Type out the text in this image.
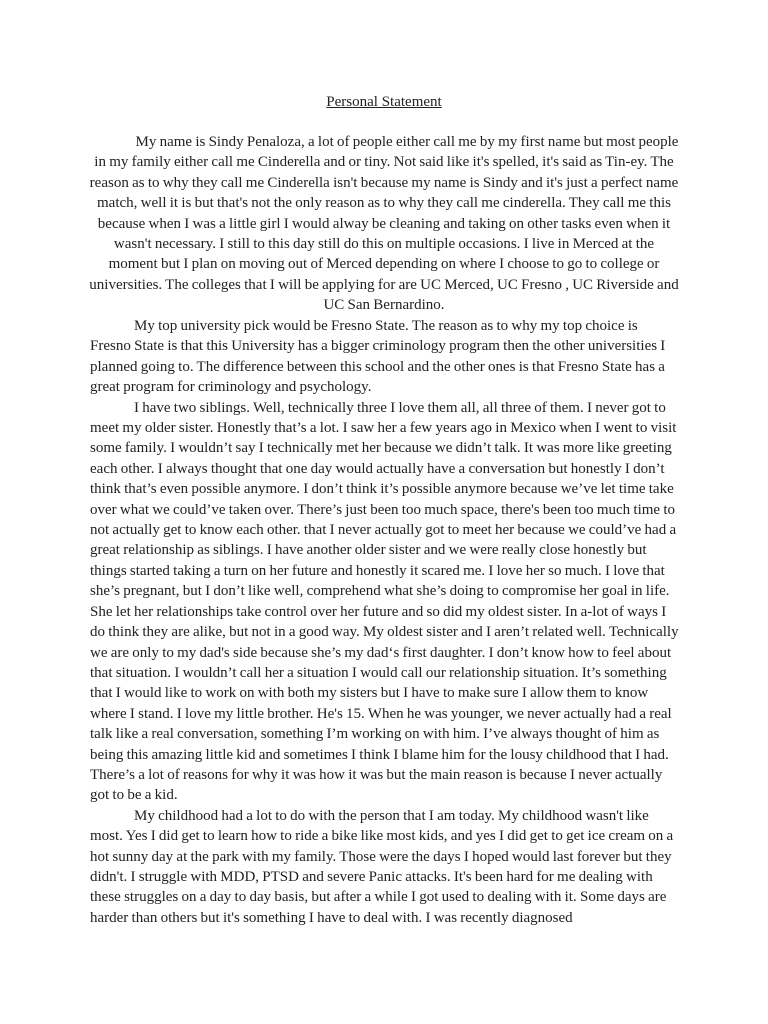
Personal Statement
My name is Sindy Penaloza, a lot of people either call me by my first name but most people in my family either call me Cinderella and or tiny. Not said like it's spelled, it's said as Tin-ey. The reason as to why they call me Cinderella isn't because my name is Sindy and it's just a perfect name match, well it is but that's not the only reason as to why they call me cinderella. They call me this because when I was a little girl I would alway be cleaning and taking on other tasks even when it wasn't necessary. I still to this day still do this on multiple occasions. I live in Merced at the moment but I plan on moving out of Merced depending on where I choose to go to college or universities. The colleges that I will be applying for are UC Merced, UC Fresno , UC Riverside and UC San Bernardino.

My top university pick would be Fresno State. The reason as to why my top choice is Fresno State is that this University has a bigger criminology program then the other universities I planned going to. The difference between this school and the other ones is that Fresno State has a great program for criminology and psychology.

I have two siblings. Well, technically three I love them all, all three of them. I never got to meet my older sister. Honestly that’s a lot. I saw her a few years ago in Mexico when I went to visit some family. I wouldn’t say I technically met her because we didn’t talk. It was more like greeting each other. I always thought that one day would actually have a conversation but honestly I don’t think that’s even possible anymore. I don’t think it’s possible anymore because we’ve let time take over what we could’ve taken over. There’s just been too much space, there's been too much time to not actually get to know each other. that I never actually got to meet her because we could’ve had a great relationship as siblings. I have another older sister and we were really close honestly but things started taking a turn on her future and honestly it scared me. I love her so much. I love that she’s pregnant, but I don’t like well, comprehend what she’s doing to compromise her goal in life. She let her relationships take control over her future and so did my oldest sister. In a-lot of ways I do think they are alike, but not in a good way. My oldest sister and I aren’t related well. Technically we are only to my dad's side because she’s my dad‘s first daughter. I don’t know how to feel about that situation. I wouldn’t call her a situation I would call our relationship situation. It’s something that I would like to work on with both my sisters but I have to make sure I allow them to know where I stand. I love my little brother. He's 15. When he was younger, we never actually had a real talk like a real conversation, something I’m working on with him. I’ve always thought of him as being this amazing little kid and sometimes I think I blame him for the lousy childhood that I had. There’s a lot of reasons for why it was how it was but the main reason is because I never actually got to be a kid.

My childhood had a lot to do with the person that I am today. My childhood wasn't like most. Yes I did get to learn how to ride a bike like most kids, and yes I did get to get ice cream on a hot sunny day at the park with my family. Those were the days I hoped would last forever but they didn't. I struggle with MDD, PTSD and severe Panic attacks. It's been hard for me dealing with these struggles on a day to day basis, but after a while I got used to dealing with it. Some days are harder than others but it's something I have to deal with. I was recently diagnosed
